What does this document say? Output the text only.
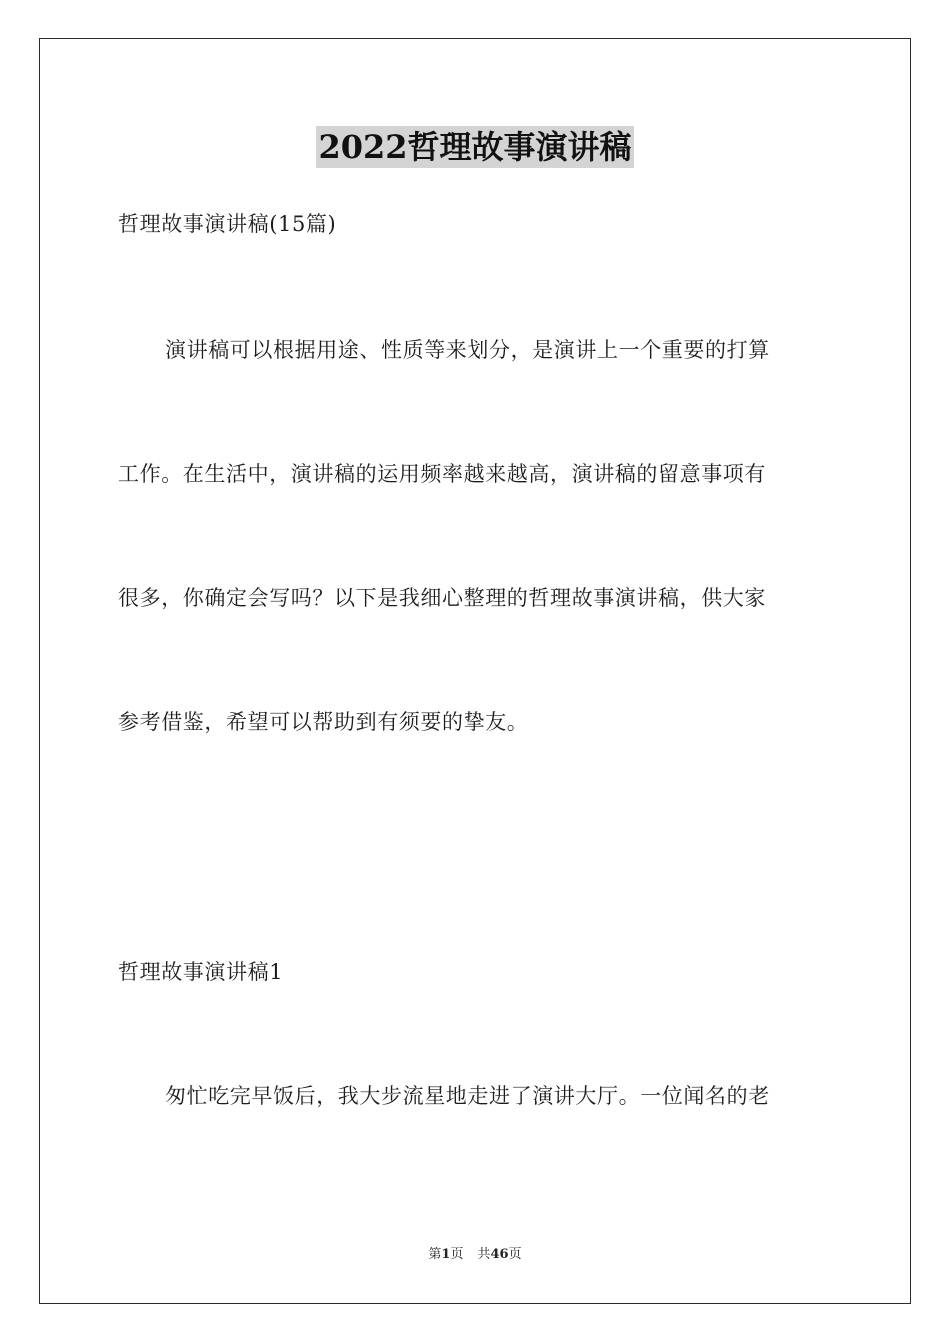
2022哲理故事演讲稿
哲理故事演讲稿(15篇)
演讲稿可以根据用途、性质等来划分，是演讲上一个重要的打算
工作。在生活中，演讲稿的运用频率越来越高，演讲稿的留意事项有
很多，你确定会写吗？以下是我细心整理的哲理故事演讲稿，供大家
参考借鉴，希望可以帮助到有须要的挚友。
哲理故事演讲稿1
匆忙吃完早饭后，我大步流星地走进了演讲大厅。一位闻名的老
第1页 共46页
